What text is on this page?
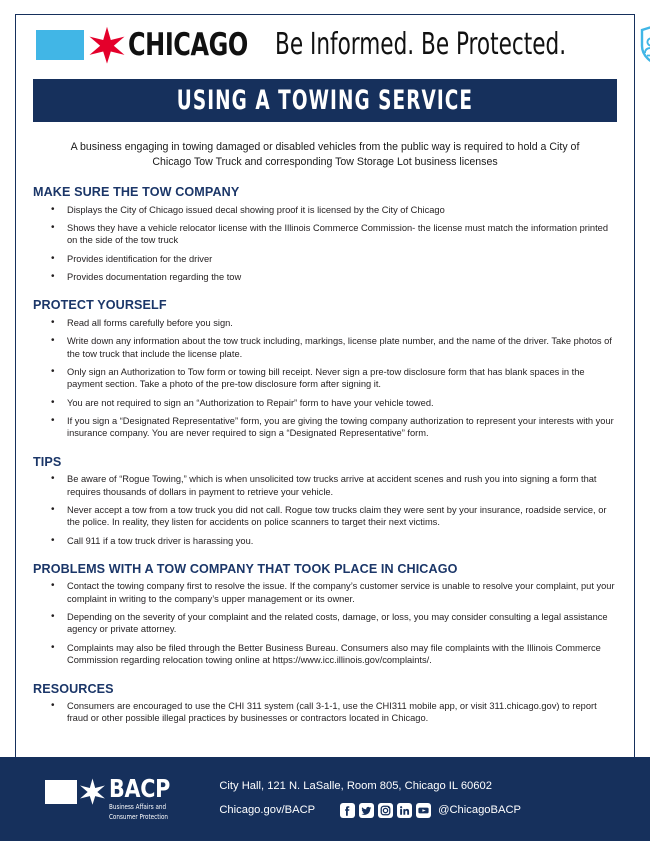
CHICAGO Be Informed. Be Protected.
USING A TOWING SERVICE

A business engaging in towing damaged or disabled vehicles from the public way is required to hold a City of Chicago Tow Truck and corresponding Tow Storage Lot business licenses

MAKE SURE THE TOW COMPANY
• Displays the City of Chicago issued decal showing proof it is licensed by the City of Chicago
• Shows they have a vehicle relocator license with the Illinois Commerce Commission- the license must match the information printed on the side of the tow truck
• Provides identification for the driver
• Provides documentation regarding the tow
PROTECT YOURSELF
• Read all forms carefully before you sign.
• Write down any information about the tow truck including, markings, license plate number, and the name of the driver. Take photos of the tow truck that include the license plate.
• Only sign an Authorization to Tow form or towing bill receipt. Never sign a pre-tow disclosure form that has blank spaces in the payment section. Take a photo of the pre-tow disclosure form after signing it.
• You are not required to sign an “Authorization to Repair” form to have your vehicle towed.
• If you sign a “Designated Representative” form, you are giving the towing company authorization to represent your interests with your insurance company. You are never required to sign a “Designated Representative” form.
TIPS
• Be aware of “Rogue Towing,” which is when unsolicited tow trucks arrive at accident scenes and rush you into signing a form that requires thousands of dollars in payment to retrieve your vehicle.
• Never accept a tow from a tow truck you did not call. Rogue tow trucks claim they were sent by your insurance, roadside service, or the police. In reality, they listen for accidents on police scanners to target their next victims.
• Call 911 if a tow truck driver is harassing you.
PROBLEMS WITH A TOW COMPANY THAT TOOK PLACE IN CHICAGO
• Contact the towing company first to resolve the issue. If the company’s customer service is unable to resolve your complaint, put your complaint in writing to the company’s upper management or its owner.
• Depending on the severity of your complaint and the related costs, damage, or loss, you may consider consulting a legal assistance agency or private attorney.
• Complaints may also be filed through the Better Business Bureau. Consumers also may file complaints with the Illinois Commerce Commission regarding relocation towing online at https://www.icc.illinois.gov/complaints/.
RESOURCES
• Consumers are encouraged to use the CHI 311 system (call 3-1-1, use the CHI311 mobile app, or visit 311.chicago.gov) to report fraud or other possible illegal practices by businesses or contractors located in Chicago.
BACP
Business Affairs and
Consumer Protection
City Hall, 121 N. LaSalle, Room 805, Chicago IL 60602
Chicago.gov/BACP	@ChicagoBACP
